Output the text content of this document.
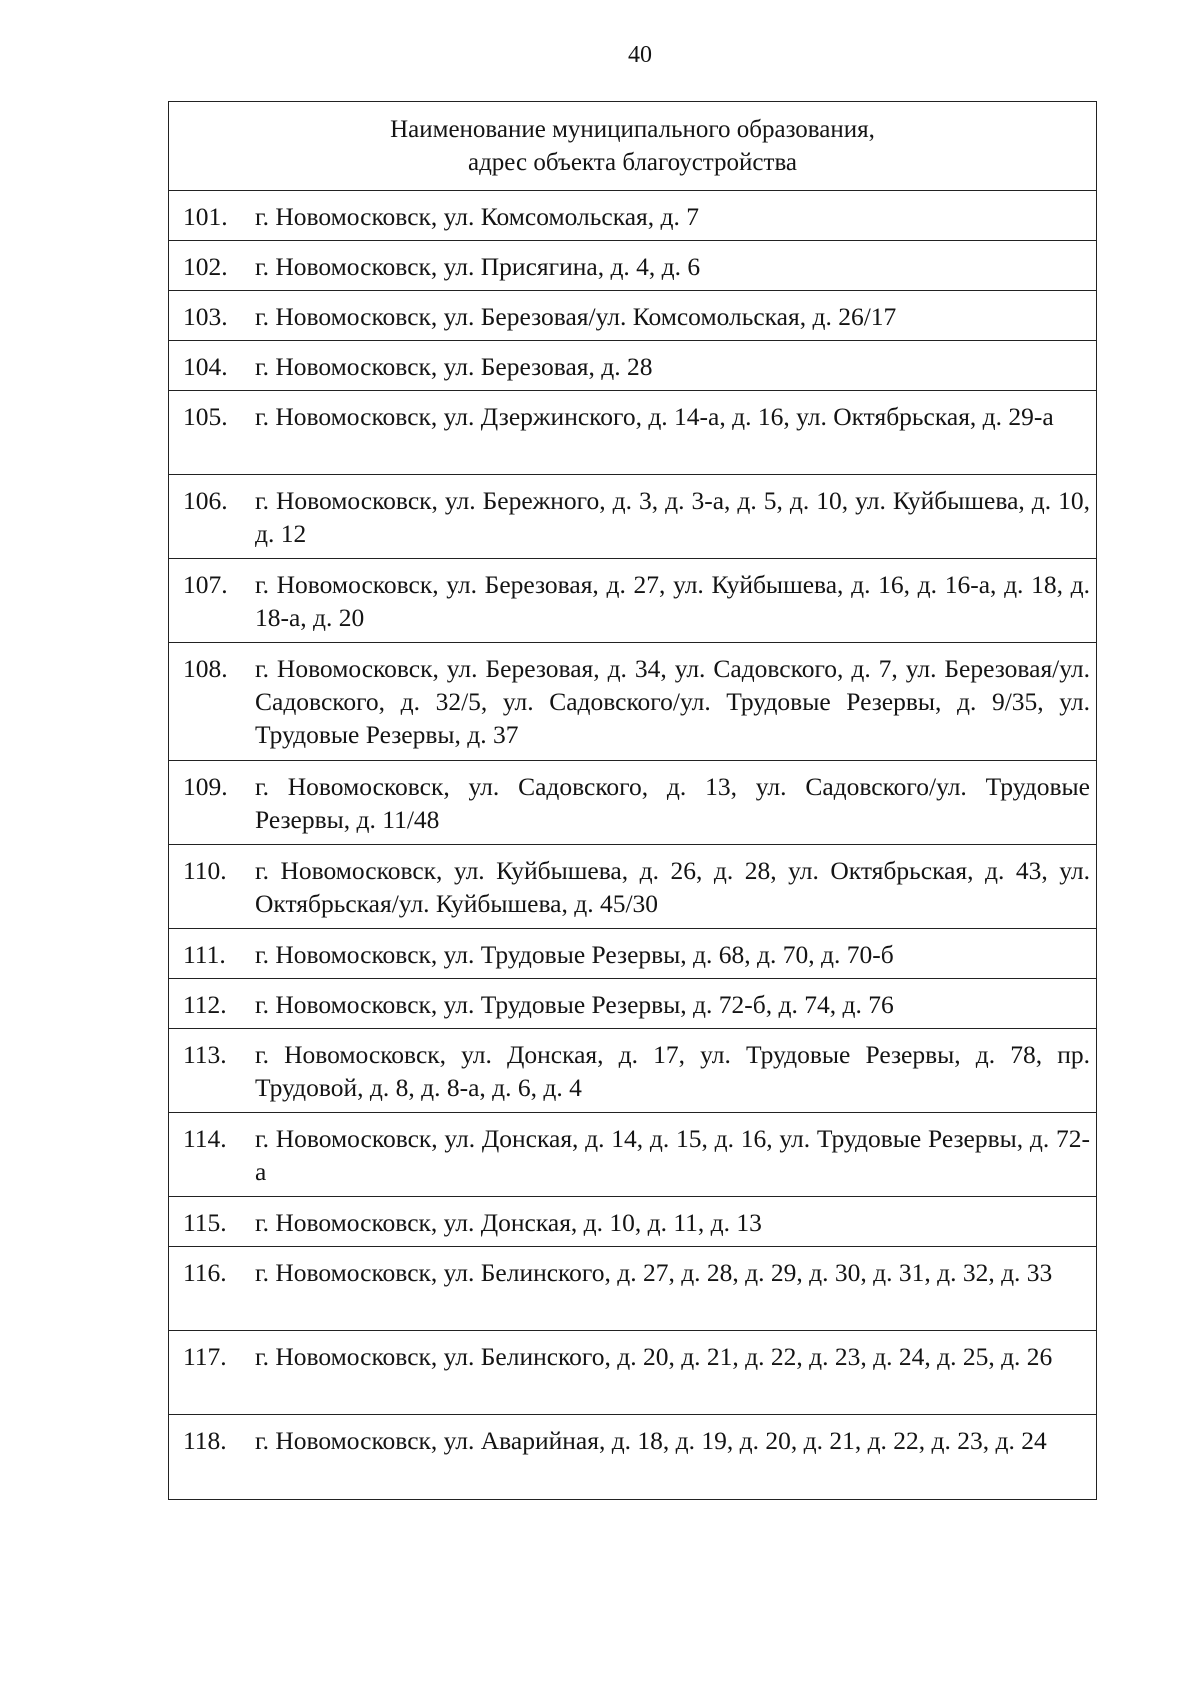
40
Наименование муниципального образования,
адрес объекта благоустройства
101.	г. Новомосковск, ул. Комсомольская, д. 7
102.	г. Новомосковск, ул. Присягина, д. 4, д. 6
103.	г. Новомосковск, ул. Березовая/ул. Комсомольская, д. 26/17
104.	г. Новомосковск, ул. Березовая, д. 28
105.	г. Новомосковск, ул. Дзержинского, д. 14-а, д. 16, ул. Октябрьская, д. 29-а
106.	г. Новомосковск, ул. Бережного, д. 3, д. 3-а, д. 5, д. 10, ул. Куйбышева, д. 10, д. 12
107.	г. Новомосковск, ул. Березовая, д. 27, ул. Куйбышева, д. 16, д. 16-а, д. 18, д. 18-а, д. 20
108.	г. Новомосковск, ул. Березовая, д. 34, ул. Садовского, д. 7, ул. Березовая/ул. Садовского, д. 32/5, ул. Садовского/ул. Трудовые Резервы, д. 9/35, ул. Трудовые Резервы, д. 37
109.	г. Новомосковск, ул. Садовского, д. 13, ул. Садовского/ул. Трудовые Резервы, д. 11/48
110.	г. Новомосковск, ул. Куйбышева, д. 26, д. 28, ул. Октябрьская, д. 43, ул. Октябрьская/ул. Куйбышева, д. 45/30
111.	г. Новомосковск, ул. Трудовые Резервы, д. 68, д. 70, д. 70-б
112.	г. Новомосковск, ул. Трудовые Резервы, д. 72-б, д. 74, д. 76
113.	г. Новомосковск, ул. Донская, д. 17, ул. Трудовые Резервы, д. 78, пр. Трудовой, д. 8, д. 8-а, д. 6, д. 4
114.	г. Новомосковск, ул. Донская, д. 14, д. 15, д. 16, ул. Трудовые Резервы, д. 72-а
115.	г. Новомосковск, ул. Донская, д. 10, д. 11, д. 13
116.	г. Новомосковск, ул. Белинского, д. 27, д. 28, д. 29, д. 30, д. 31, д. 32, д. 33
117.	г. Новомосковск, ул. Белинского, д. 20, д. 21, д. 22, д. 23, д. 24, д. 25, д. 26
118.	г. Новомосковск, ул. Аварийная, д. 18, д. 19, д. 20, д. 21, д. 22, д. 23, д. 24
